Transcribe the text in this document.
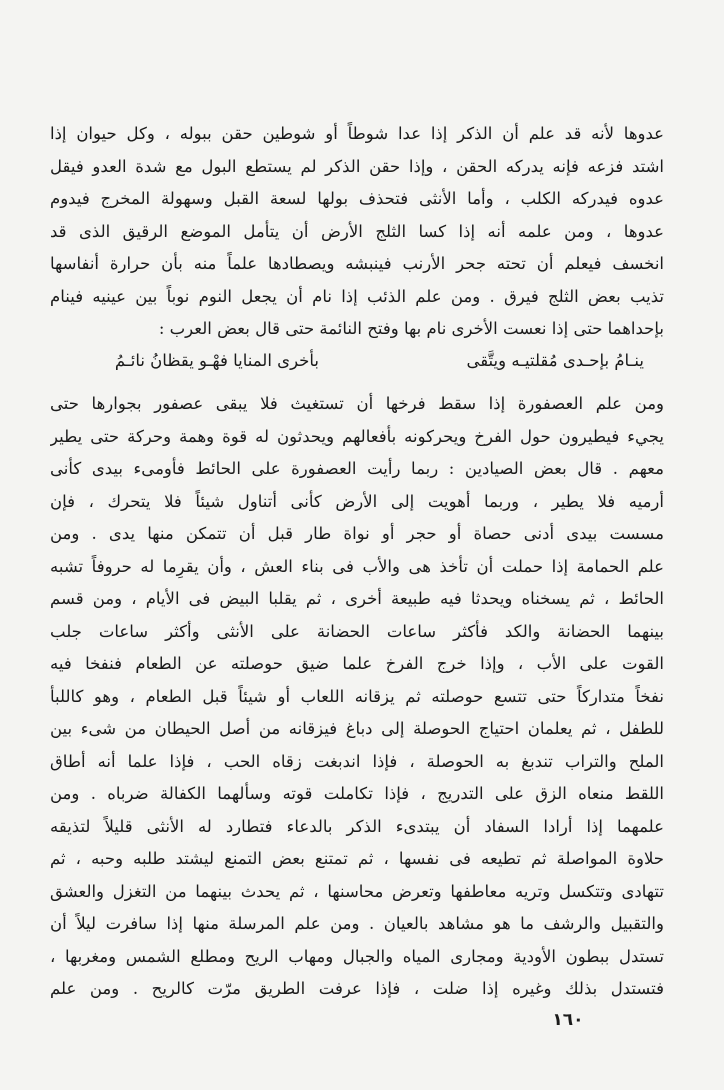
عدوها لأنه قد علم أن الذكر إذا عدا شوطاً أو شوطين حقن ببوله ، وكل حيوان إذا
اشتد فزعه فإنه يدركه الحقن ، وإذا حقن الذكر لم يستطع البول مع شدة العدو فيقل
عدوه فيدركه الكلب ، وأما الأنثى فتحذف بولها لسعة القبل وسهولة المخرج فيدوم
عدوها ، ومن علمه أنه إذا كسا الثلج الأرض أن يتأمل الموضع الرقيق الذى قد
انخسف فيعلم أن تحته جحر الأرنب فينبشه ويصطادها علماً منه بأن حرارة أنفاسها
تذيب بعض الثلج فيرق . ومن علم الذئب إذا نام أن يجعل النوم نوباً بين عينيه فينام
بإحداهما حتى إذا نعست الأخرى نام بها وفتح النائمة حتى قال بعض العرب :
ينـامُ بإحـدى مُقلتيـه ويتَّقى
بأخرى المنايا فهْـو يقظانُ نائـمُ
ومن علم العصفورة إذا سقط فرخها أن تستغيث فلا يبقى عصفور بجوارها حتى
يجيء فيطيرون حول الفرخ ويحركونه بأفعالهم ويحدثون له قوة وهمة وحركة حتى يطير
معهم . قال بعض الصيادين : ربما رأيت العصفورة على الحائط فأومىء بيدى كأنى
أرميه فلا يطير ، وربما أهويت إلى الأرض كأنى أتناول شيئاً فلا يتحرك ، فإن
مسست بيدى أدنى حصاة أو حجر أو نواة طار قبل أن تتمكن منها يدى . ومن
علم الحمامة إذا حملت أن تأخذ هى والأب فى بناء العش ، وأن يقرِما له حروفاً تشبه
الحائط ، ثم يسخناه ويحدثا فيه طبيعة أخرى ، ثم يقلبا البيض فى الأيام ، ومن قسم
بينهما الحضانة والكد فأكثر ساعات الحضانة على الأنثى وأكثر ساعات جلب
القوت على الأب ، وإذا خرج الفرخ علما ضيق حوصلته عن الطعام فنفخا فيه
نفخاً متداركاً حتى تتسع حوصلته ثم يزقانه اللعاب أو شيئاً قبل الطعام ، وهو كاللبأ
للطفل ، ثم يعلمان احتياج الحوصلة إلى دباغ فيزقانه من أصل الحيطان من شىء بين
الملح والتراب تندبغ به الحوصلة ، فإذا اندبغت زقاه الحب ، فإذا علما أنه أطاق
اللقط منعاه الزق على التدريج ، فإذا تكاملت قوته وسألهما الكفالة ضرباه . ومن
علمهما إذا أرادا السفاد أن يبتدىء الذكر بالدعاء فتطارد له الأنثى قليلاً لتذيقه
حلاوة المواصلة ثم تطيعه فى نفسها ، ثم تمتنع بعض التمنع ليشتد طلبه وحبه ، ثم
تتهادى وتتكسل وتريه معاطفها وتعرض محاسنها ، ثم يحدث بينهما من التغزل والعشق
والتقبيل والرشف ما هو مشاهد بالعيان . ومن علم المرسلة منها إذا سافرت ليلاً أن
تستدل ببطون الأودية ومجارى المياه والجبال ومهاب الريح ومطلع الشمس ومغربها ،
فتستدل بذلك وغيره إذا ضلت ، فإذا عرفت الطريق مرّت كالريح . ومن علم
١٦٠
